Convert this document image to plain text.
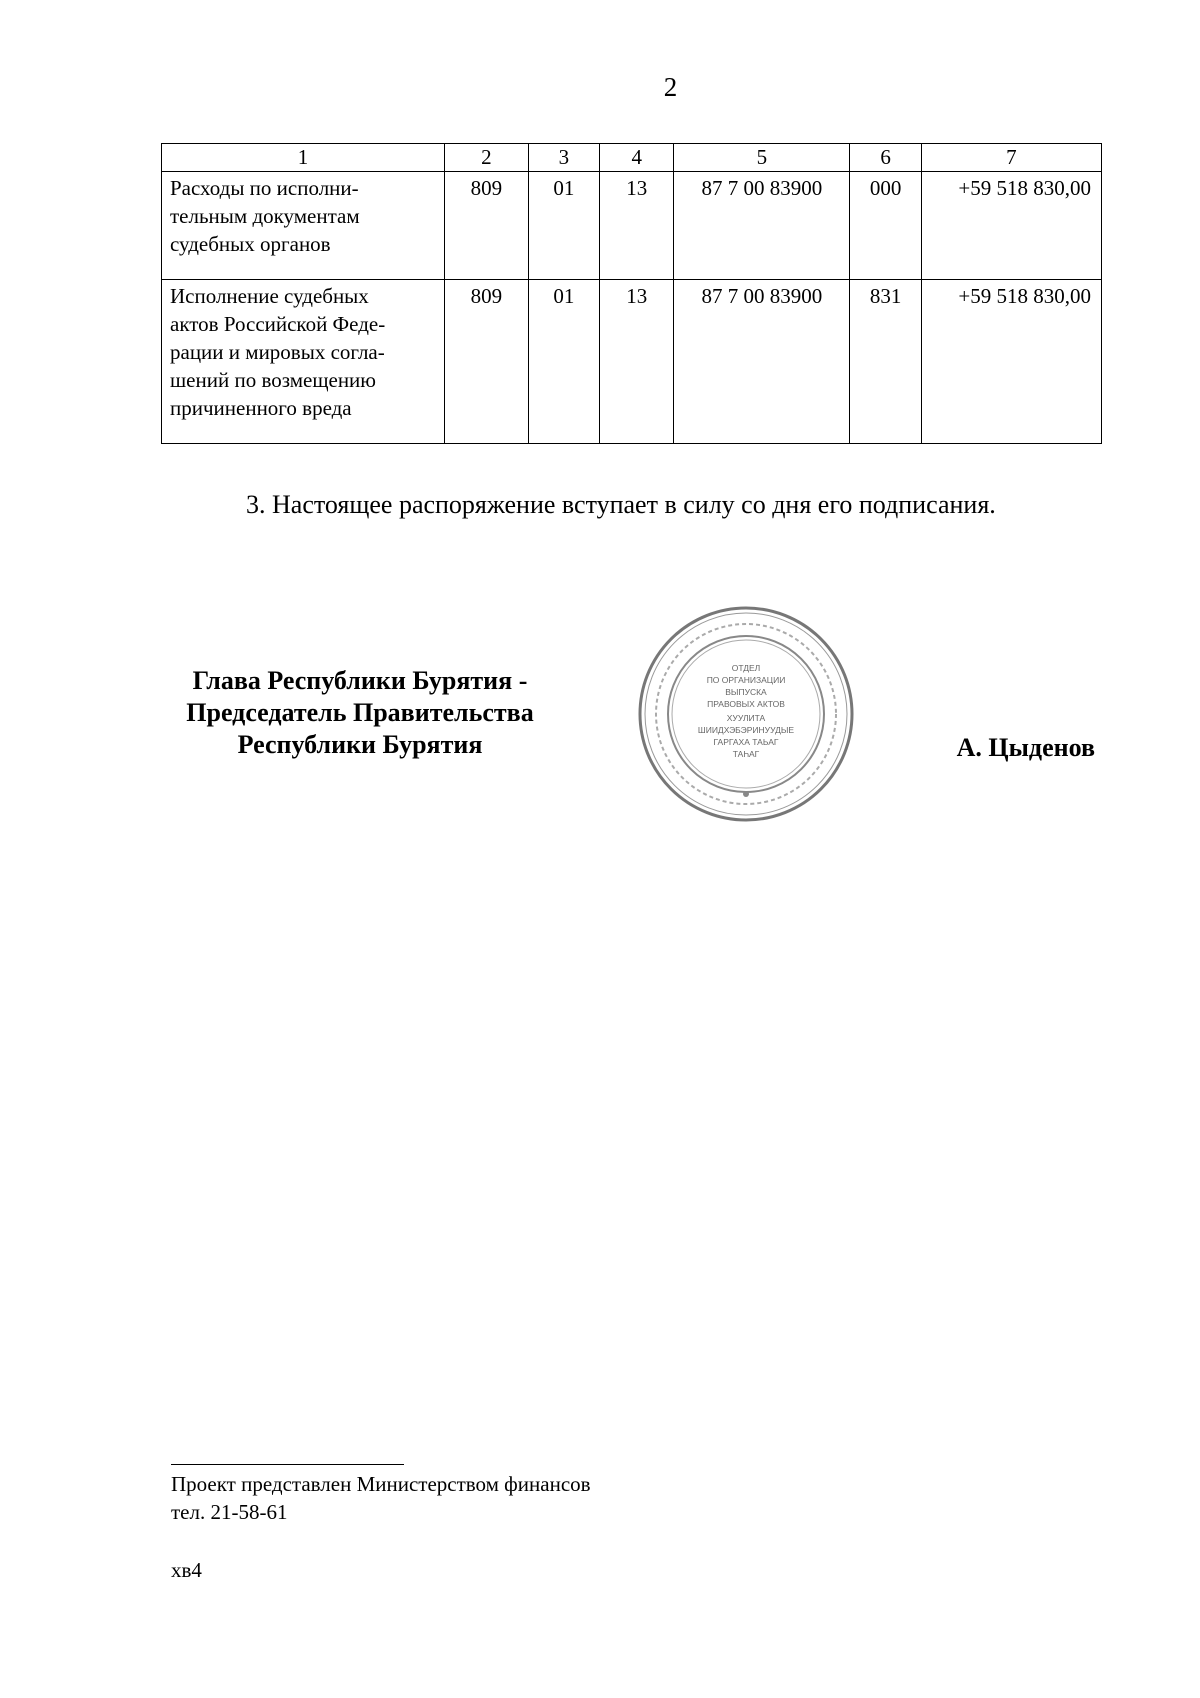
2
1	2	3	4	5	6	7

Расходы по исполни-
тельным документам
судебных органов	809	01	13	87 7 00 83900	000	+59 518 830,00

Исполнение судебных
актов Российской Феде-
рации и мировых согла-
шений по возмещению
причиненного вреда	809	01	13	87 7 00 83900	831	+59 518 830,00
3. Настоящее распоряжение вступает в силу со дня его подписания.
Глава Республики Бурятия -
Председатель Правительства
Республики Бурятия
ОТДЕЛ
ПО ОРГАНИЗАЦИИ
ВЫПУСКА
ПРАВОВЫХ АКТОВ
ХУУЛИТА
ШИИДХЭБЭРИНУУДЫЕ
ГАРГАХА ТАЬАГ
ТАҺАГ	А. Цыденов
Проект представлен Министерством финансов
тел. 21-58-61
хв4
